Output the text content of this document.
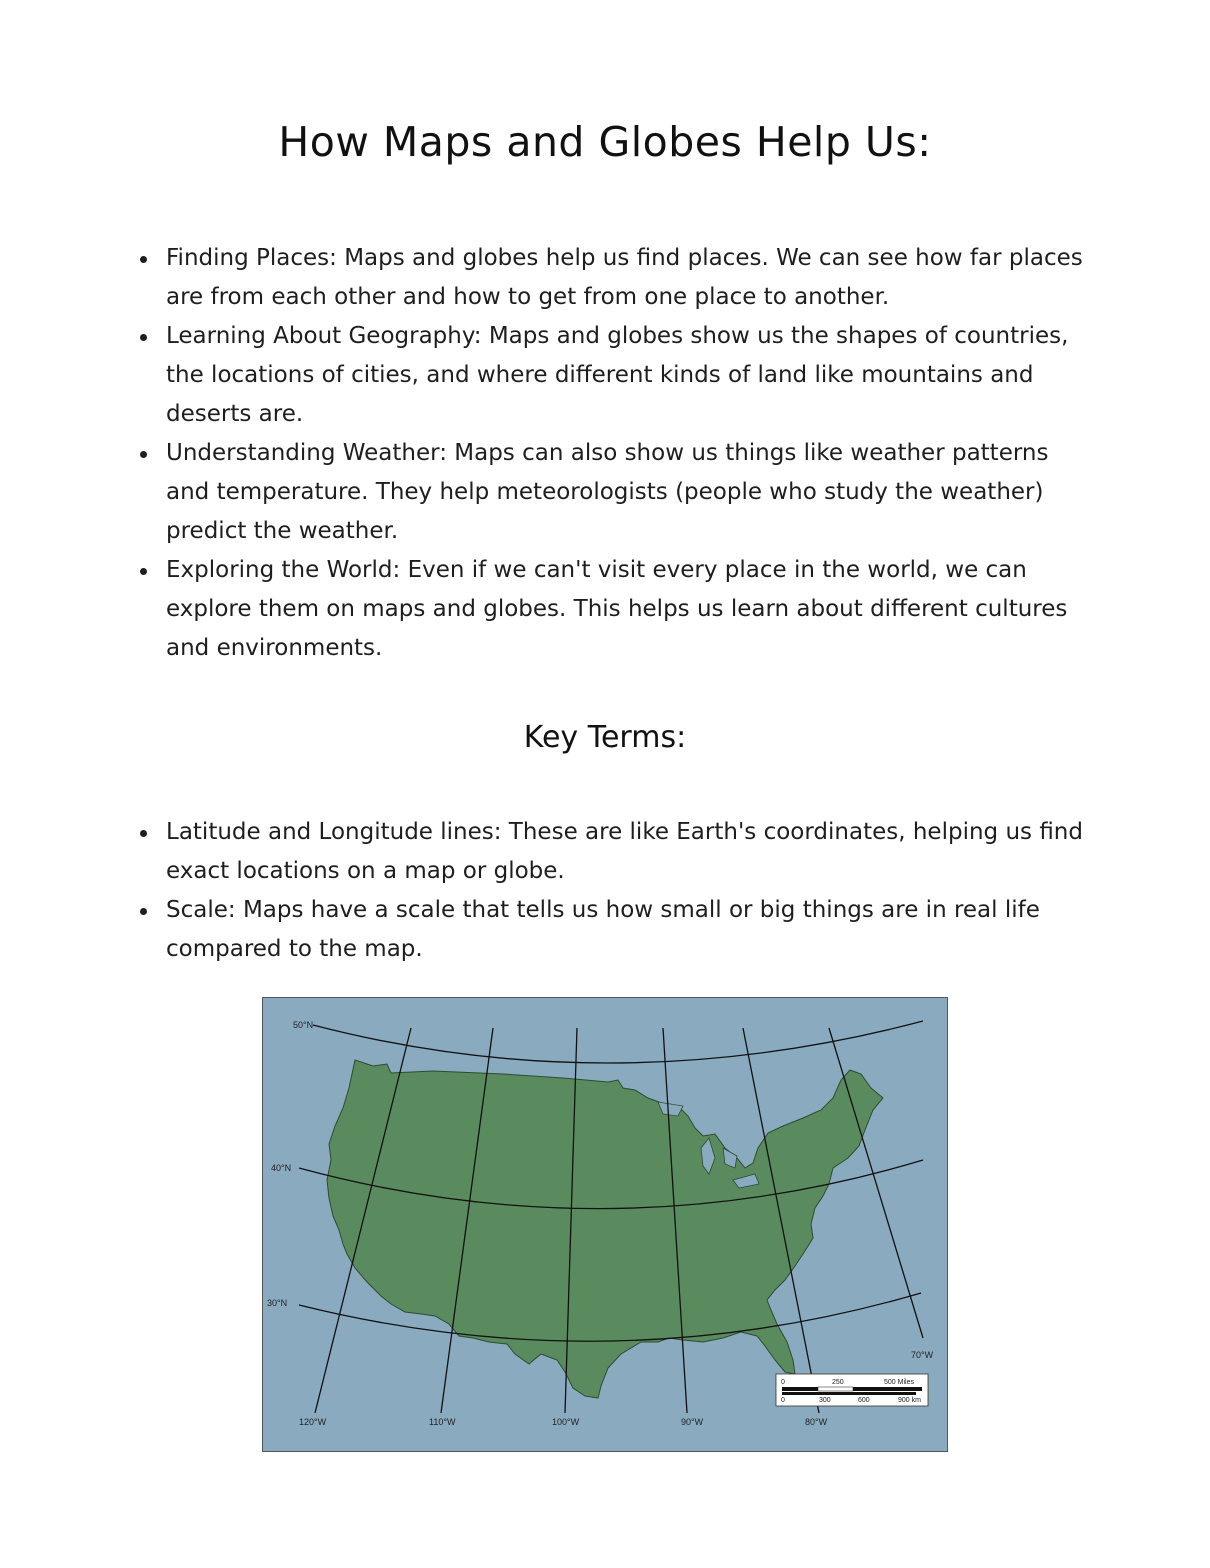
How Maps and Globes Help Us:
Finding Places: Maps and globes help us find places. We can see how far places are from each other and how to get from one place to another.
Learning About Geography: Maps and globes show us the shapes of countries, the locations of cities, and where different kinds of land like mountains and deserts are.
Understanding Weather: Maps can also show us things like weather patterns and temperature. They help meteorologists (people who study the weather) predict the weather.
Exploring the World: Even if we can't visit every place in the world, we can explore them on maps and globes. This helps us learn about different cultures and environments.
Key Terms:
Latitude and Longitude lines: These are like Earth's coordinates, helping us find exact locations on a map or globe.
Scale: Maps have a scale that tells us how small or big things are in real life compared to the map.
50°N
40°N
30°N
120°W	110°W	100°W	90°W	80°W
70°W
0	250	500 Miles
0	300	600	900 km
